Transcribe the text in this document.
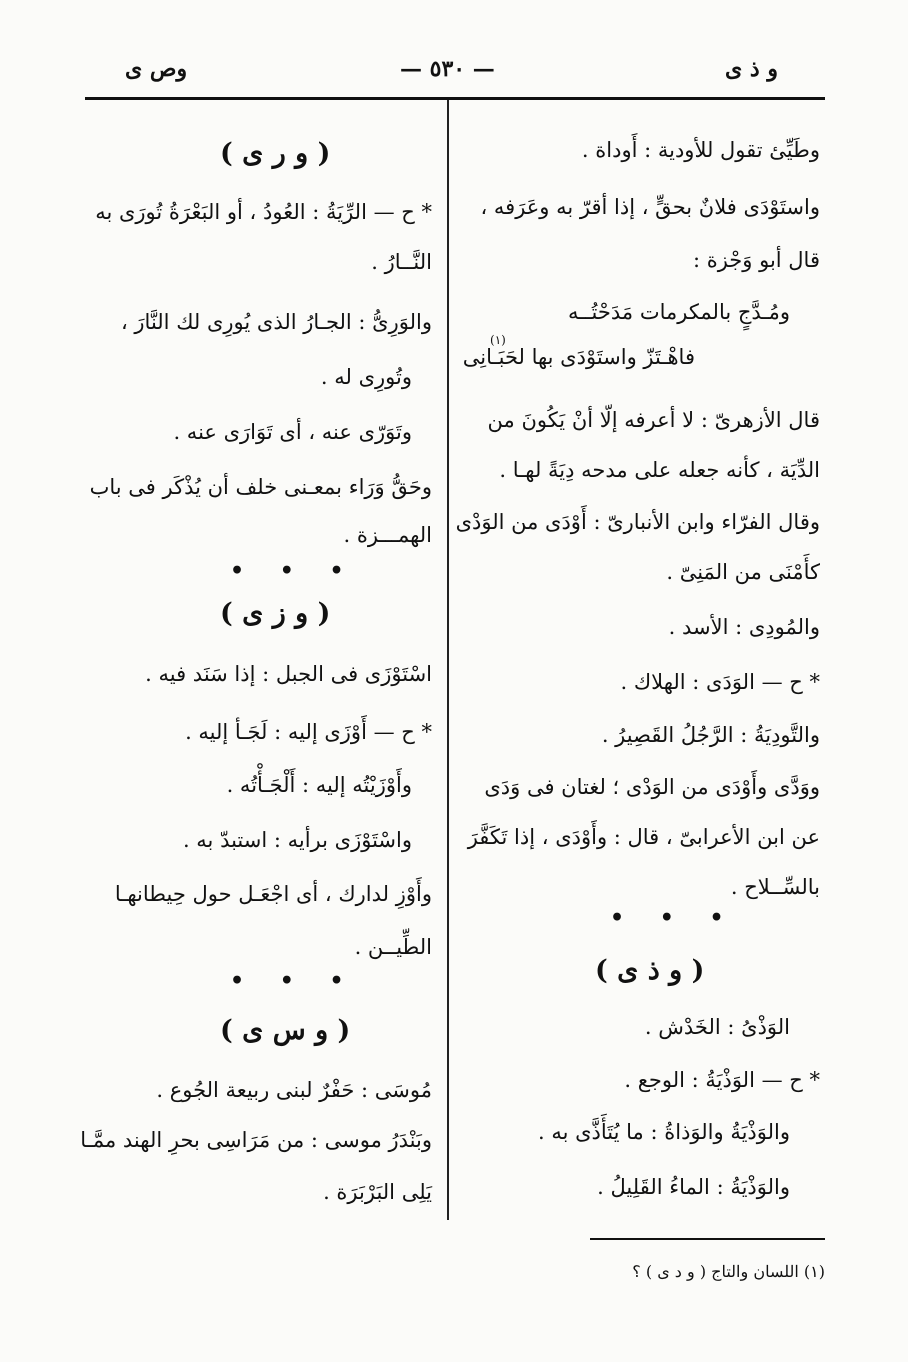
وص ى	— ٥٣٠ —	و ذ ى
وطَيِّئ تقول للأودية : أَوداة .
واستَوْدَى فلانٌ بحقٍّ ، إذا أقرّ به وعَرَفه ،
قال أبو وَجْزة :
ومُـدَّجٍ بالمكرمات مَدَحْتُــه
فاهْـتَزّ واستَوْدَى بها لحَبَـانِى
قال الأزهرىّ : لا أعرفه إلّا أنْ يَكُونَ من
الدِّيَة ، كأنه جعله على مدحه دِيَةً لهـا .
وقال الفرّاء وابن الأنبارىّ : أَوْدَى من الوَدْى
كأَمْنَى من المَنِىّ .
والمُودِى : الأسد .
* ح — الوَدَى : الهلاك .
والتَّودِيَةُ : الرَّجُلُ القَصِيرُ .
ووَدَّى وأَوْدَى من الوَدْى ؛ لغتان فى وَدَى
عن ابن الأعرابىّ ، قال : وأَوْدَى ، إذا تَكَفَّرَ
بالسِّــلاح .
• • •
( و ذ ى )
الوَذْىُ : الخَدْش .
* ح — الوَذْيَةُ : الوجع .
والوَذْيَةُ والوَذاةُ : ما يُتَأَذَّى به .
والوَذْيَةُ : الماءُ القَلِيلُ .
(١)
( و ر ى )
* ح — الرِّيَةُ : العُودُ ، أو البَعْرَةُ تُورَى به
النَّــارُ .
والوَرِىُّ : الجـارُ الذى يُورِى لك النَّارَ ،
وتُورِى له .
وتَوَرّى عنه ، أى تَوَارَى عنه .
وحَقُّ وَرَاء بمعـنى خلف أن يُذْكَر فى باب
الهمـــزة .
• • •
( و ز ى )
اسْتَوْزَى فى الجبل : إذا سَنَد فيه .
* ح — أَوْزَى إليه : لَجَـأ إليه .
وأَوْزَيْتُه إليه : أَلْجَـأْتُه .
واسْتَوْزَى برأيه : استبدّ به .
وأَوْزِ لدارك ، أى اجْعَـل حول حِيطانهـا
الطِّيــن .
• • •
( و س ى )
مُوسَى : حَفْرٌ لبنى ربيعة الجُوع .
وبَنْدَرُ موسى : من مَرَاسِى بحرِ الهند ممَّـا
يَلِى البَرْبَرَة .
(١) اللسان والتاج ( و د ى ) ؟
